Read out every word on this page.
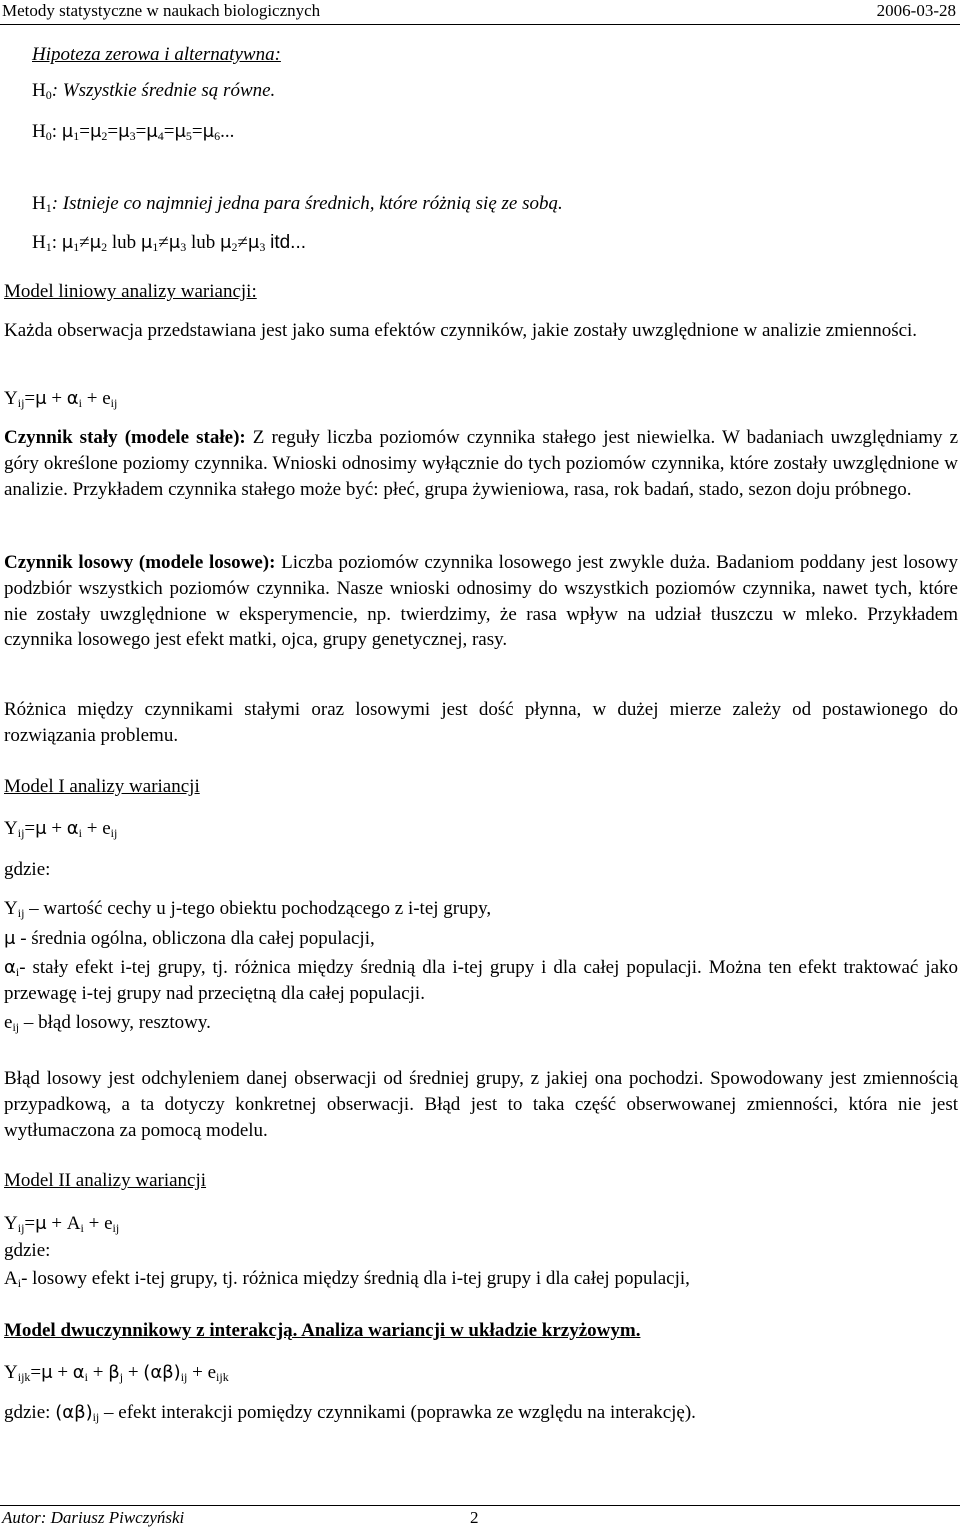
Metody statystyczne w naukach biologicznych	2006-03-28
Hipoteza zerowa i alternatywna:
$H_0$: Wszystkie średnie są równe.
$H_0$: $\mu_1=\mu_2=\mu_3=\mu_4=\mu_5=\mu_6$...
$H_1$: Istnieje co najmniej jedna para średnich, które różnią się ze sobą.
$H_1$: $\mu_1\ne\mu_2$ lub $\mu_1\ne\mu_3$ lub $\mu_2\ne\mu_3$ itd...
Model liniowy analizy wariancji:
Każda obserwacja przedstawiana jest jako suma efektów czynników, jakie zostały uwzględnione w analizie zmienności.
$Y_{ij}=\mu + \alpha_i + e_{ij}$
Czynnik stały (modele stałe): Z reguły liczba poziomów czynnika stałego jest niewielka. W badaniach uwzględniamy z góry określone poziomy czynnika. Wnioski odnosimy wyłącznie do tych poziomów czynnika, które zostały uwzględnione w analizie. Przykładem czynnika stałego może być: płeć, grupa żywieniowa, rasa, rok badań, stado, sezon doju próbnego.
Czynnik losowy (modele losowe): Liczba poziomów czynnika losowego jest zwykle duża. Badaniom poddany jest losowy podzbiór wszystkich poziomów czynnika. Nasze wnioski odnosimy do wszystkich poziomów czynnika, nawet tych, które nie zostały uwzględnione w eksperymencie, np. twierdzimy, że rasa wpływ na udział tłuszczu w mleko. Przykładem czynnika losowego jest efekt matki, ojca, grupy genetycznej, rasy.
Różnica między czynnikami stałymi oraz losowymi jest dość płynna, w dużej mierze zależy od postawionego do rozwiązania problemu.
Model I analizy wariancji
$Y_{ij}=\mu + \alpha_i + e_{ij}$
gdzie:
$Y_{ij}$ – wartość cechy u j-tego obiektu pochodzącego z i-tej grupy,
μ - średnia ogólna, obliczona dla całej populacji,
$\alpha_i-$ stały efekt i-tej grupy, tj. różnica między średnią dla i-tej grupy i dla całej populacji. Można ten efekt traktować jako przewagę i-tej grupy nad przeciętną dla całej populacji.
$e_{ij}$ – błąd losowy, resztowy.
Błąd losowy jest odchyleniem danej obserwacji od średniej grupy, z jakiej ona pochodzi. Spowodowany jest zmiennością przypadkową, a ta dotyczy konkretnej obserwacji. Błąd jest to taka część obserwowanej zmienności, która nie jest wytłumaczona za pomocą modelu.
Model II analizy wariancji
$Y_{ij}=\mu + A_i + e_{ij}$
gdzie:
$A_i-$ losowy efekt i-tej grupy, tj. różnica między średnią dla i-tej grupy i dla całej populacji,
Model dwuczynnikowy z interakcją. Analiza wariancji w układzie krzyżowym.
$Y_{ijk}=\mu + \alpha_i + \beta_j + (\alpha\beta)_{ij} + e_{ijk}$
gdzie: $(\alpha\beta)_{ij}$ – efekt interakcji pomiędzy czynnikami (poprawka ze względu na interakcję).
Autor: Dariusz Piwczyński	2
